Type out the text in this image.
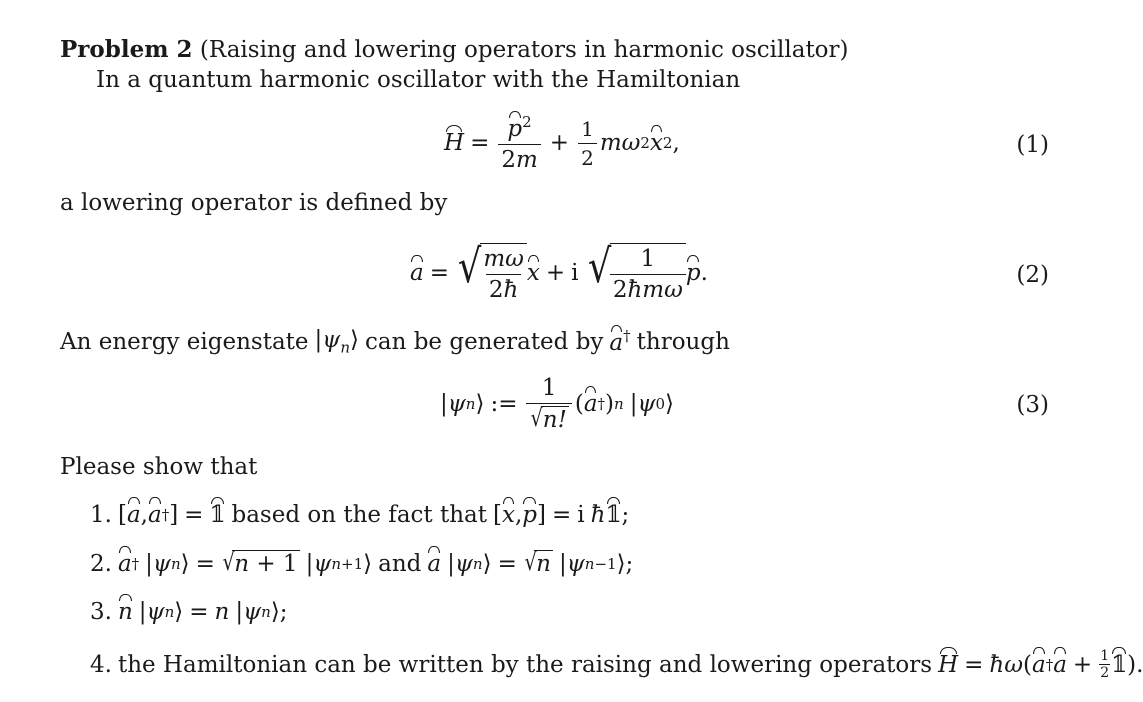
Problem 2 (Raising and lowering operators in harmonic oscillator)
In a quantum harmonic oscillator with the Hamiltonian
$H = \frac{p^2}{2m} + \frac{1}{2}$ mω 2 x 2 ,	(1)
a lowering operator is defined by
a = √
$\frac{m\omega}{2ħ}$ x + i √
$\frac{1}{\text{2ħmω}}$ p .	(2)
An energy eigenstate $|\psi_n⟩$ can be generated by a† through
| ψ n ⟩ := $\frac{1}{√ n!}$ ( a † ) n | ψ 0 ⟩	(3)
Please show that
1. [ a , a † ] = 𝟙 based on the fact that [ x , p ] = i ħ 𝟙 ;
2. a † | ψ n ⟩ = √ n + 1 | ψ n+1 ⟩ and a | ψ n ⟩ = √ n | ψ n−1 ⟩;
3. n | ψ n ⟩ = n | ψ n ⟩;
4. the Hamiltonian can be written by the raising and lowering operators H = ħω ( a † $a + \frac{1}{2}$ 𝟙 ).
